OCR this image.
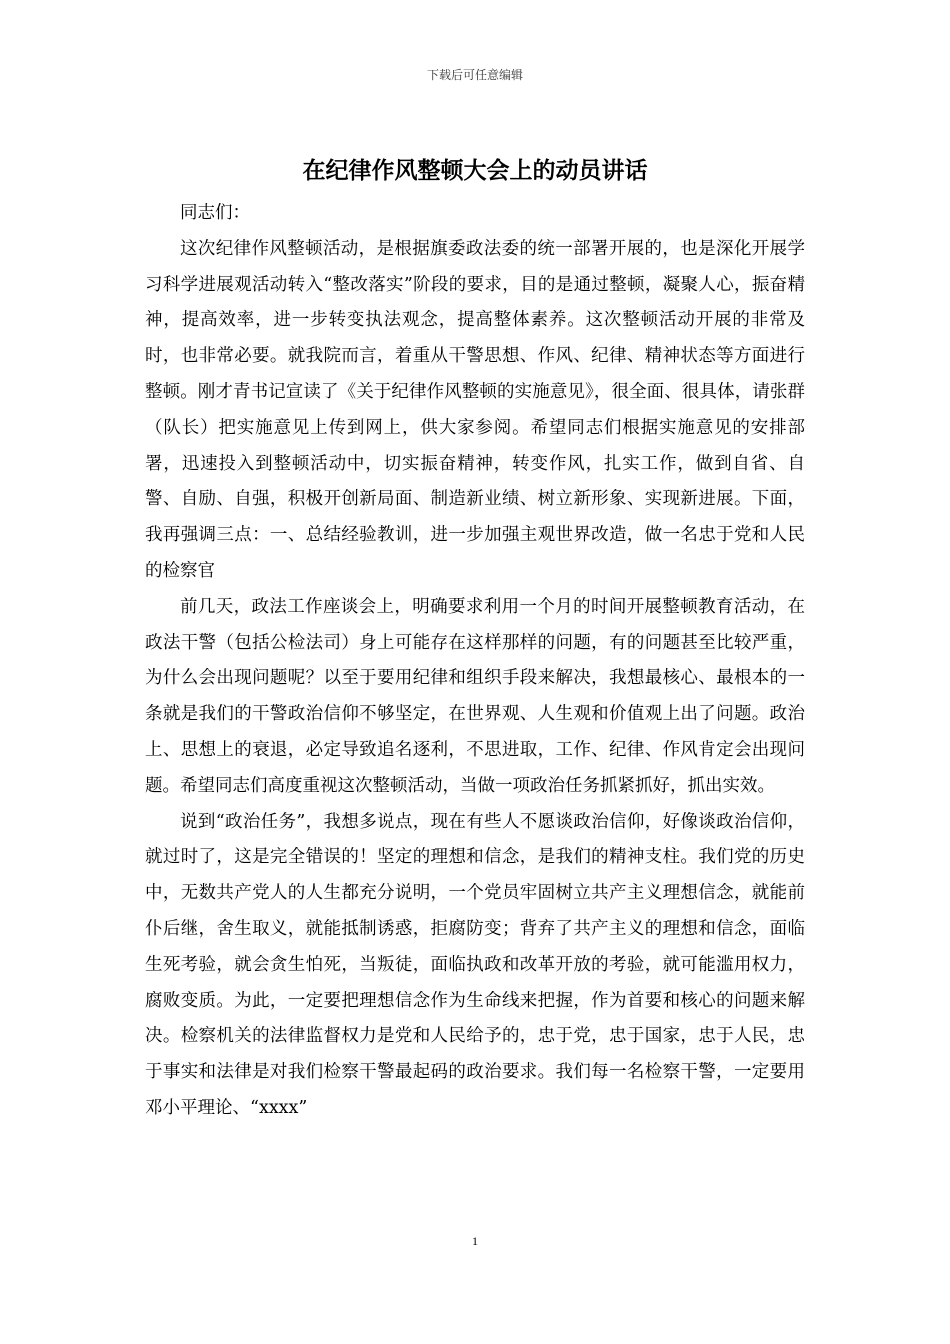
下载后可任意编辑
在纪律作风整顿大会上的动员讲话

同志们：

这次纪律作风整顿活动，是根据旗委政法委的统一部署开展的，也是深化开展学习科学进展观活动转入“整改落实”阶段的要求，目的是通过整顿，凝聚人心，振奋精神，提高效率，进一步转变执法观念，提高整体素养。这次整顿活动开展的非常及时，也非常必要。就我院而言，着重从干警思想、作风、纪律、精神状态等方面进行整顿。刚才青书记宣读了《关于纪律作风整顿的实施意见》，很全面、很具体，请张群（队长）把实施意见上传到网上，供大家参阅。希望同志们根据实施意见的安排部署，迅速投入到整顿活动中，切实振奋精神，转变作风，扎实工作，做到自省、自警、自励、自强，积极开创新局面、制造新业绩、树立新形象、实现新进展。下面，我再强调三点：一、总结经验教训，进一步加强主观世界改造，做一名忠于党和人民的检察官

前几天，政法工作座谈会上，明确要求利用一个月的时间开展整顿教育活动，在政法干警（包括公检法司）身上可能存在这样那样的问题，有的问题甚至比较严重，为什么会出现问题呢？以至于要用纪律和组织手段来解决，我想最核心、最根本的一条就是我们的干警政治信仰不够坚定，在世界观、人生观和价值观上出了问题。政治上、思想上的衰退，必定导致追名逐利，不思进取，工作、纪律、作风肯定会出现问题。希望同志们高度重视这次整顿活动，当做一项政治任务抓紧抓好，抓出实效。

说到“政治任务”，我想多说点，现在有些人不愿谈政治信仰，好像谈政治信仰，就过时了，这是完全错误的！坚定的理想和信念，是我们的精神支柱。我们党的历史中，无数共产党人的人生都充分说明，一个党员牢固树立共产主义理想信念，就能前仆后继，舍生取义，就能抵制诱惑，拒腐防变；背弃了共产主义的理想和信念，面临生死考验，就会贪生怕死，当叛徒，面临执政和改革开放的考验，就可能滥用权力，腐败变质。为此，一定要把理想信念作为生命线来把握，作为首要和核心的问题来解决。检察机关的法律监督权力是党和人民给予的，忠于党，忠于国家，忠于人民，忠于事实和法律是对我们检察干警最起码的政治要求。我们每一名检察干警，一定要用邓小平理论、“xxxx”

1
